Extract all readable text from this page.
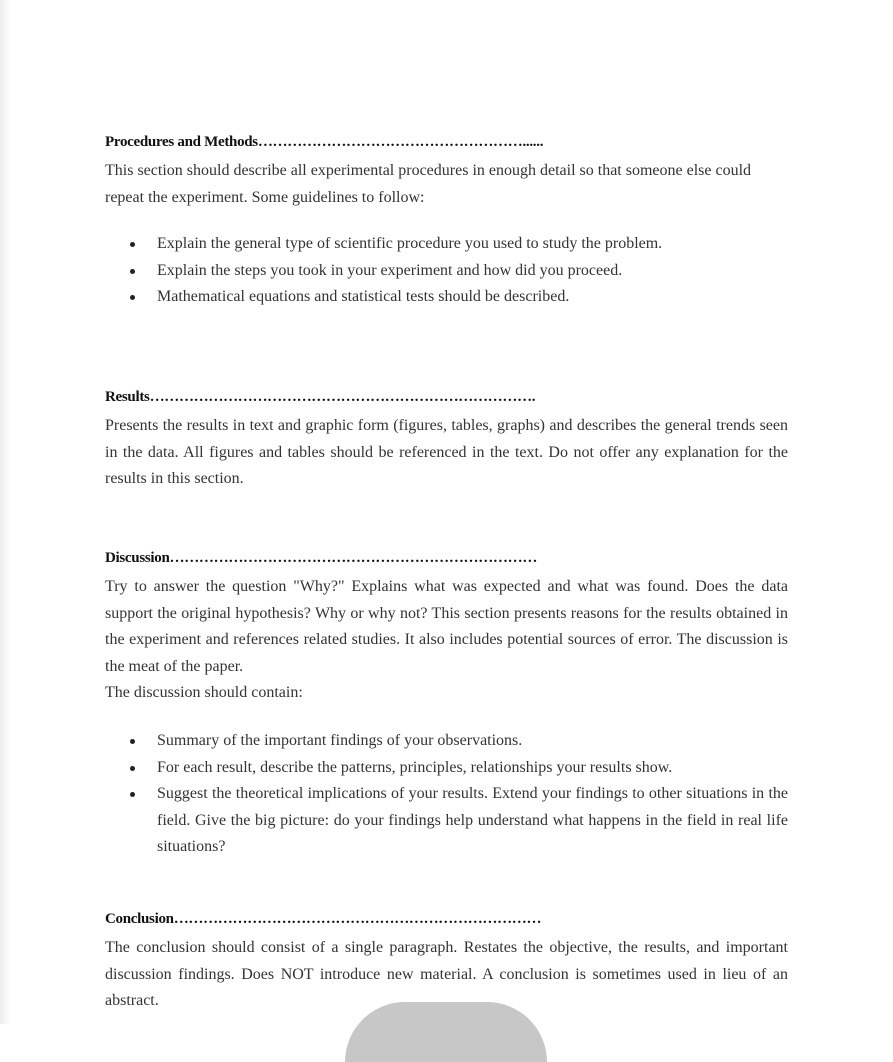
Procedures and Methods………………………………………………......
This section should describe all experimental procedures in enough detail so that someone else could repeat the experiment. Some guidelines to follow:
Explain the general type of scientific procedure you used to study the problem.
Explain the steps you took in your experiment and how did you proceed.
Mathematical equations and statistical tests should be described.
Results…………………………………………………………………….
Presents the results in text and graphic form (figures, tables, graphs) and describes the general trends seen in the data. All figures and tables should be referenced in the text. Do not offer any explanation for the results in this section.
Discussion…………………………………………………………………
Try to answer the question "Why?" Explains what was expected and what was found. Does the data support the original hypothesis? Why or why not? This section presents reasons for the results obtained in the experiment and references related studies. It also includes potential sources of error. The discussion is the meat of the paper.
The discussion should contain:
Summary of the important findings of your observations.
For each result, describe the patterns, principles, relationships your results show.
Suggest the theoretical implications of your results. Extend your findings to other situations in the field. Give the big picture: do your findings help understand what happens in the field in real life situations?
Conclusion…………………………………………………………………
The conclusion should consist of a single paragraph. Restates the objective, the results, and important discussion findings. Does NOT introduce new material. A conclusion is sometimes used in lieu of an abstract.
